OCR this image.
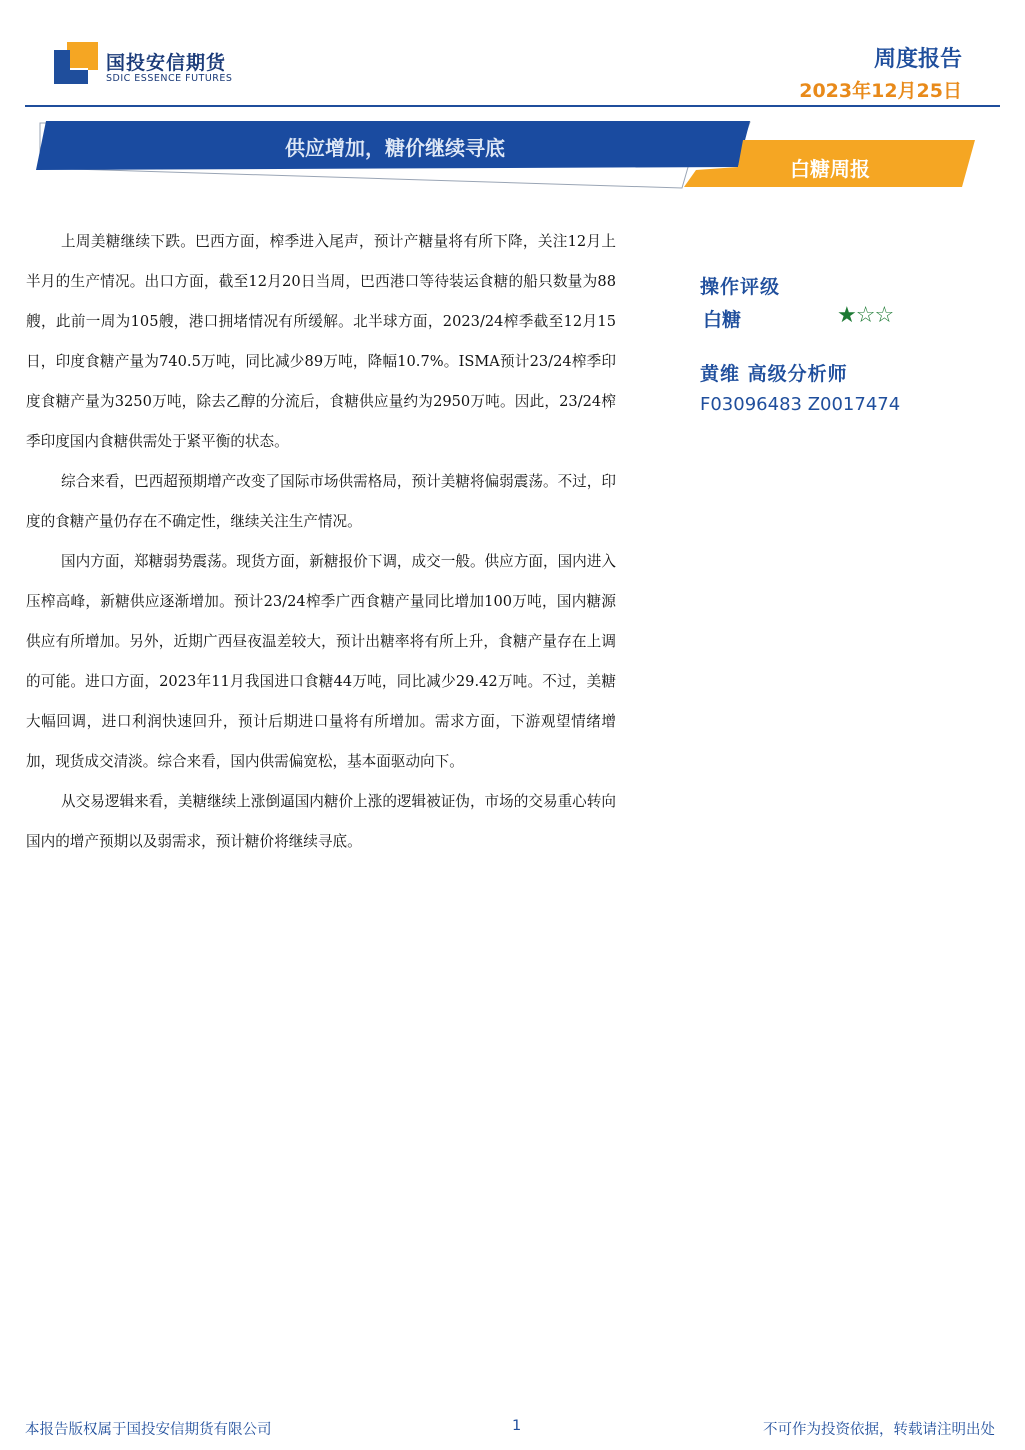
国投安信期货
SDIC ESSENCE FUTURES
周度报告
2023年12月25日
供应增加，糖价继续寻底
白糖周报

上周美糖继续下跌。巴西方面，榨季进入尾声，预计产糖量将有所下降，关注12月上半月的生产情况。出口方面，截至12月20日当周，巴西港口等待装运食糖的船只数量为88艘，此前一周为105艘，港口拥堵情况有所缓解。北半球方面，2023/24榨季截至12月15日，印度食糖产量为740.5万吨，同比减少89万吨，降幅10.7%。ISMA预计23/24榨季印度食糖产量为3250万吨，除去乙醇的分流后，食糖供应量约为2950万吨。因此，23/24榨季印度国内食糖供需处于紧平衡的状态。

综合来看，巴西超预期增产改变了国际市场供需格局，预计美糖将偏弱震荡。不过，印度的食糖产量仍存在不确定性，继续关注生产情况。

国内方面，郑糖弱势震荡。现货方面，新糖报价下调，成交一般。供应方面，国内进入压榨高峰，新糖供应逐渐增加。预计23/24榨季广西食糖产量同比增加100万吨，国内糖源供应有所增加。另外，近期广西昼夜温差较大，预计出糖率将有所上升，食糖产量存在上调的可能。进口方面，2023年11月我国进口食糖44万吨，同比减少29.42万吨。不过，美糖大幅回调，进口利润快速回升，预计后期进口量将有所增加。需求方面，下游观望情绪增加，现货成交清淡。综合来看，国内供需偏宽松，基本面驱动向下。

从交易逻辑来看，美糖继续上涨倒逼国内糖价上涨的逻辑被证伪，市场的交易重心转向国内的增产预期以及弱需求，预计糖价将继续寻底。

操作评级
白糖	★☆☆
黄维 高级分析师
F03096483 Z0017474
本报告版权属于国投安信期货有限公司	1	不可作为投资依据，转载请注明出处
